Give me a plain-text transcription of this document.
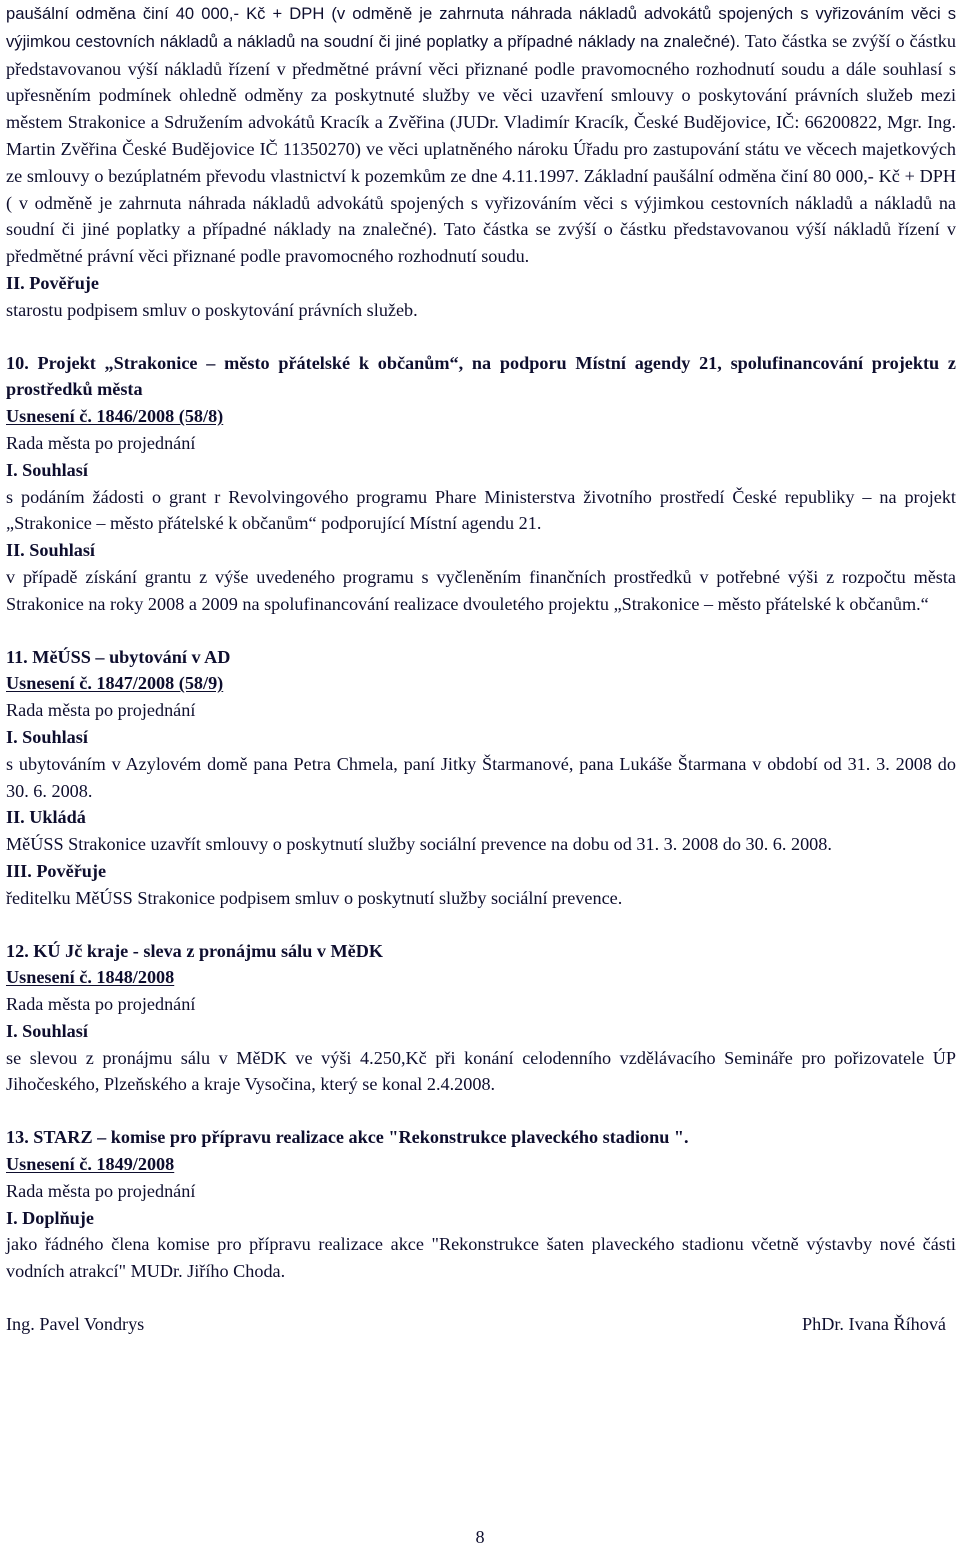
paušální odměna činí 40 000,- Kč + DPH (v odměně je zahrnuta náhrada nákladů advokátů spojených s vyřizováním věci s výjimkou cestovních nákladů a nákladů na soudní či jiné poplatky a případné náklady na znalečné). Tato částka se zvýší o částku představovanou výší nákladů řízení v předmětné právní věci přiznané podle pravomocného rozhodnutí soudu a dále souhlasí s upřesněním podmínek ohledně odměny za poskytnuté služby ve věci uzavření smlouvy o poskytování právních služeb mezi městem Strakonice a Sdružením advokátů Kracík a Zvěřina (JUDr. Vladimír Kracík, České Budějovice, IČ: 66200822, Mgr. Ing. Martin Zvěřina České Budějovice IČ 11350270) ve věci uplatněného nároku Úřadu pro zastupování státu ve věcech majetkových ze smlouvy o bezúplatném převodu vlastnictví k pozemkům ze dne 4.11.1997. Základní paušální odměna činí 80 000,- Kč + DPH ( v odměně je zahrnuta náhrada nákladů advokátů spojených s vyřizováním věci s výjimkou cestovních nákladů a nákladů na soudní či jiné poplatky a případné náklady na znalečné). Tato částka se zvýší o částku představovanou výší nákladů řízení v předmětné právní věci přiznané podle pravomocného rozhodnutí soudu.

II. Pověřuje

starostu podpisem smluv o poskytování právních služeb.

10. Projekt „Strakonice – město přátelské k občanům“, na podporu Místní agendy 21, spolufinancování projektu z prostředků města

Usnesení č. 1846/2008 (58/8)

Rada města po projednání

I. Souhlasí

s podáním žádosti o grant r Revolvingového programu Phare Ministerstva životního prostředí České republiky – na projekt „Strakonice – město přátelské k občanům“ podporující Místní agendu 21.

II. Souhlasí

v případě získání grantu z výše uvedeného programu s vyčleněním finančních prostředků v potřebné výši z rozpočtu města Strakonice na roky 2008 a 2009 na spolufinancování realizace dvouletého projektu „Strakonice – město přátelské k občanům.“

11. MěÚSS – ubytování v AD

Usnesení č. 1847/2008 (58/9)

Rada města po projednání

I. Souhlasí

s ubytováním v Azylovém domě pana Petra Chmela, paní Jitky Štarmanové, pana Lukáše Štarmana v období od 31. 3. 2008 do 30. 6. 2008.

II. Ukládá

MěÚSS Strakonice uzavřít smlouvy o poskytnutí služby sociální prevence na dobu od 31. 3. 2008 do 30. 6. 2008.

III. Pověřuje

ředitelku MěÚSS Strakonice podpisem smluv o poskytnutí služby sociální prevence.

12. KÚ Jč kraje - sleva z pronájmu sálu v MěDK

Usnesení č. 1848/2008

Rada města po projednání

I. Souhlasí

se slevou z pronájmu sálu v MěDK ve výši 4.250,Kč při konání celodenního vzdělávacího Semináře pro pořizovatele ÚP Jihočeského, Plzeňského a kraje Vysočina, který se konal 2.4.2008.

13. STARZ – komise pro přípravu realizace akce "Rekonstrukce plaveckého stadionu ".

Usnesení č. 1849/2008

Rada města po projednání

I. Doplňuje

jako řádného člena komise pro přípravu realizace akce "Rekonstrukce šaten plaveckého stadionu včetně výstavby nové části vodních atrakcí" MUDr. Jiřího Choda.

Ing. Pavel Vondrys	PhDr. Ivana Říhová
8
